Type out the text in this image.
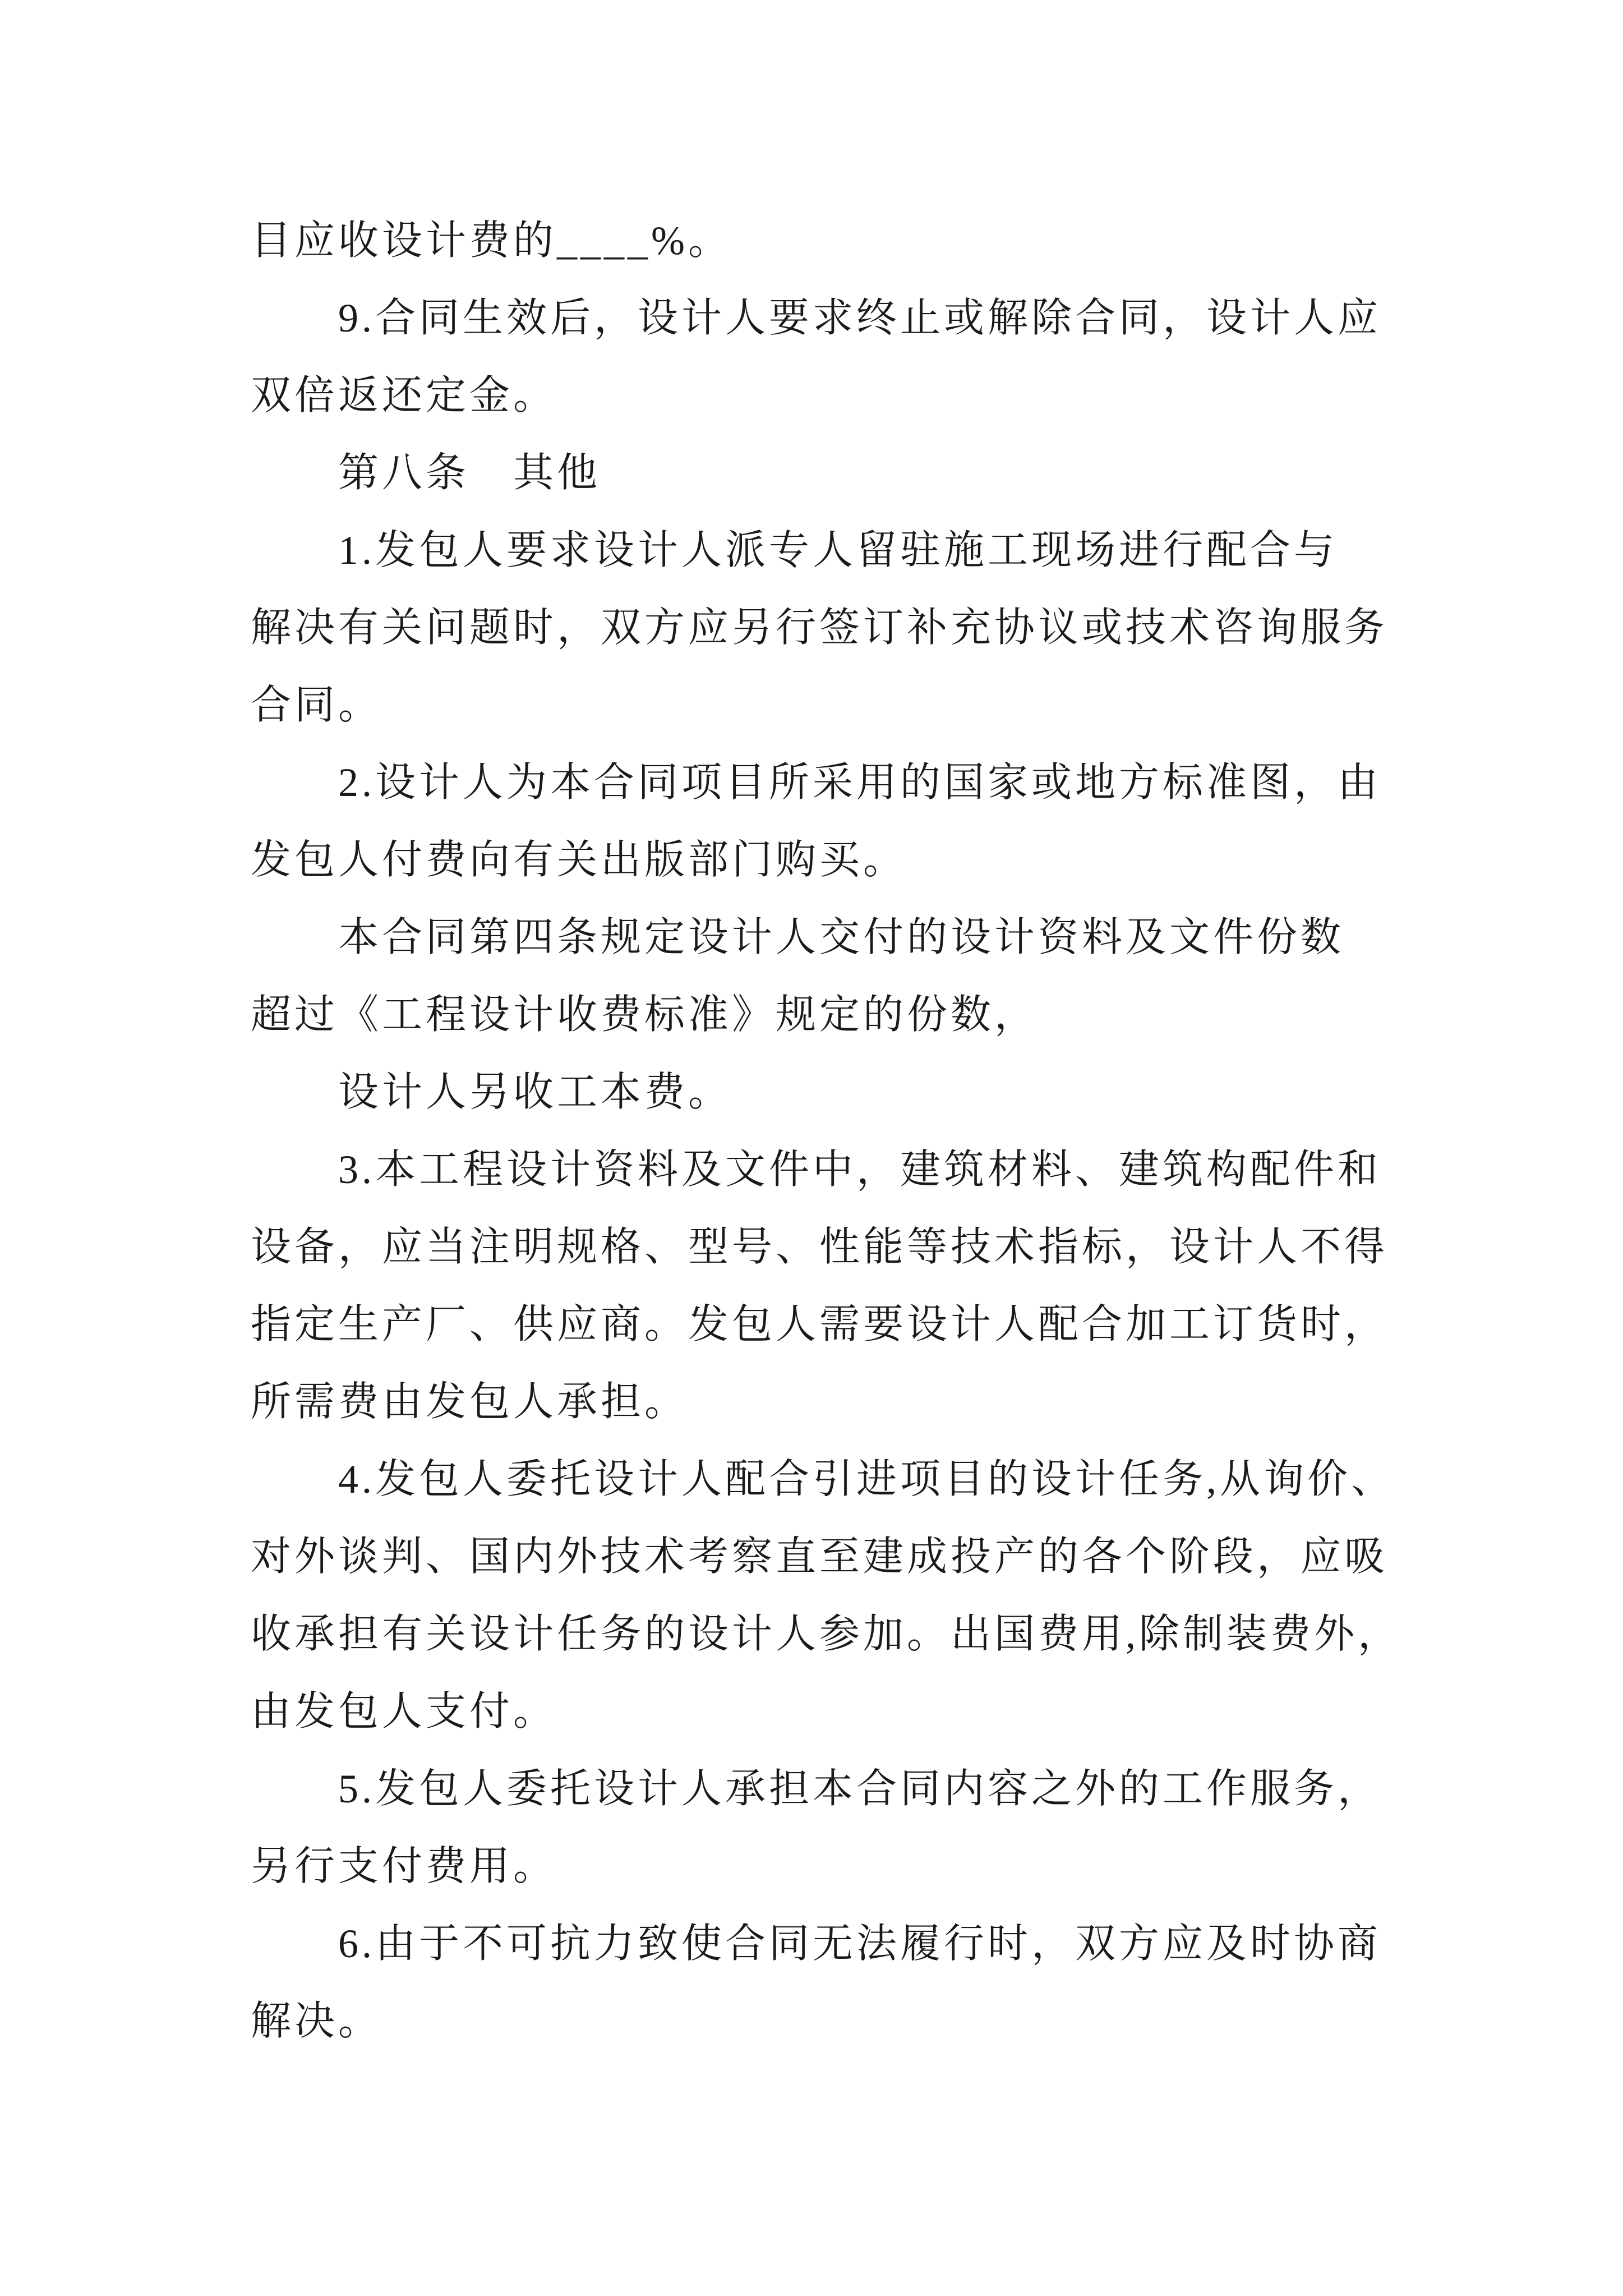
目应收设计费的____%。
9.合同生效后，设计人要求终止或解除合同，设计人应
双倍返还定金。
第八条　其他
1.发包人要求设计人派专人留驻施工现场进行配合与
解决有关问题时，双方应另行签订补充协议或技术咨询服务
合同。
2.设计人为本合同项目所采用的国家或地方标准图，由
发包人付费向有关出版部门购买。
本合同第四条规定设计人交付的设计资料及文件份数
超过《工程设计收费标准》规定的份数，
设计人另收工本费。
3.本工程设计资料及文件中，建筑材料、建筑构配件和
设备，应当注明规格、型号、性能等技术指标，设计人不得
指定生产厂、供应商。发包人需要设计人配合加工订货时，
所需费由发包人承担。
4.发包人委托设计人配合引进项目的设计任务,从询价、
对外谈判、国内外技术考察直至建成投产的各个阶段，应吸
收承担有关设计任务的设计人参加。出国费用,除制装费外，
由发包人支付。
5.发包人委托设计人承担本合同内容之外的工作服务，
另行支付费用。
6.由于不可抗力致使合同无法履行时，双方应及时协商
解决。
